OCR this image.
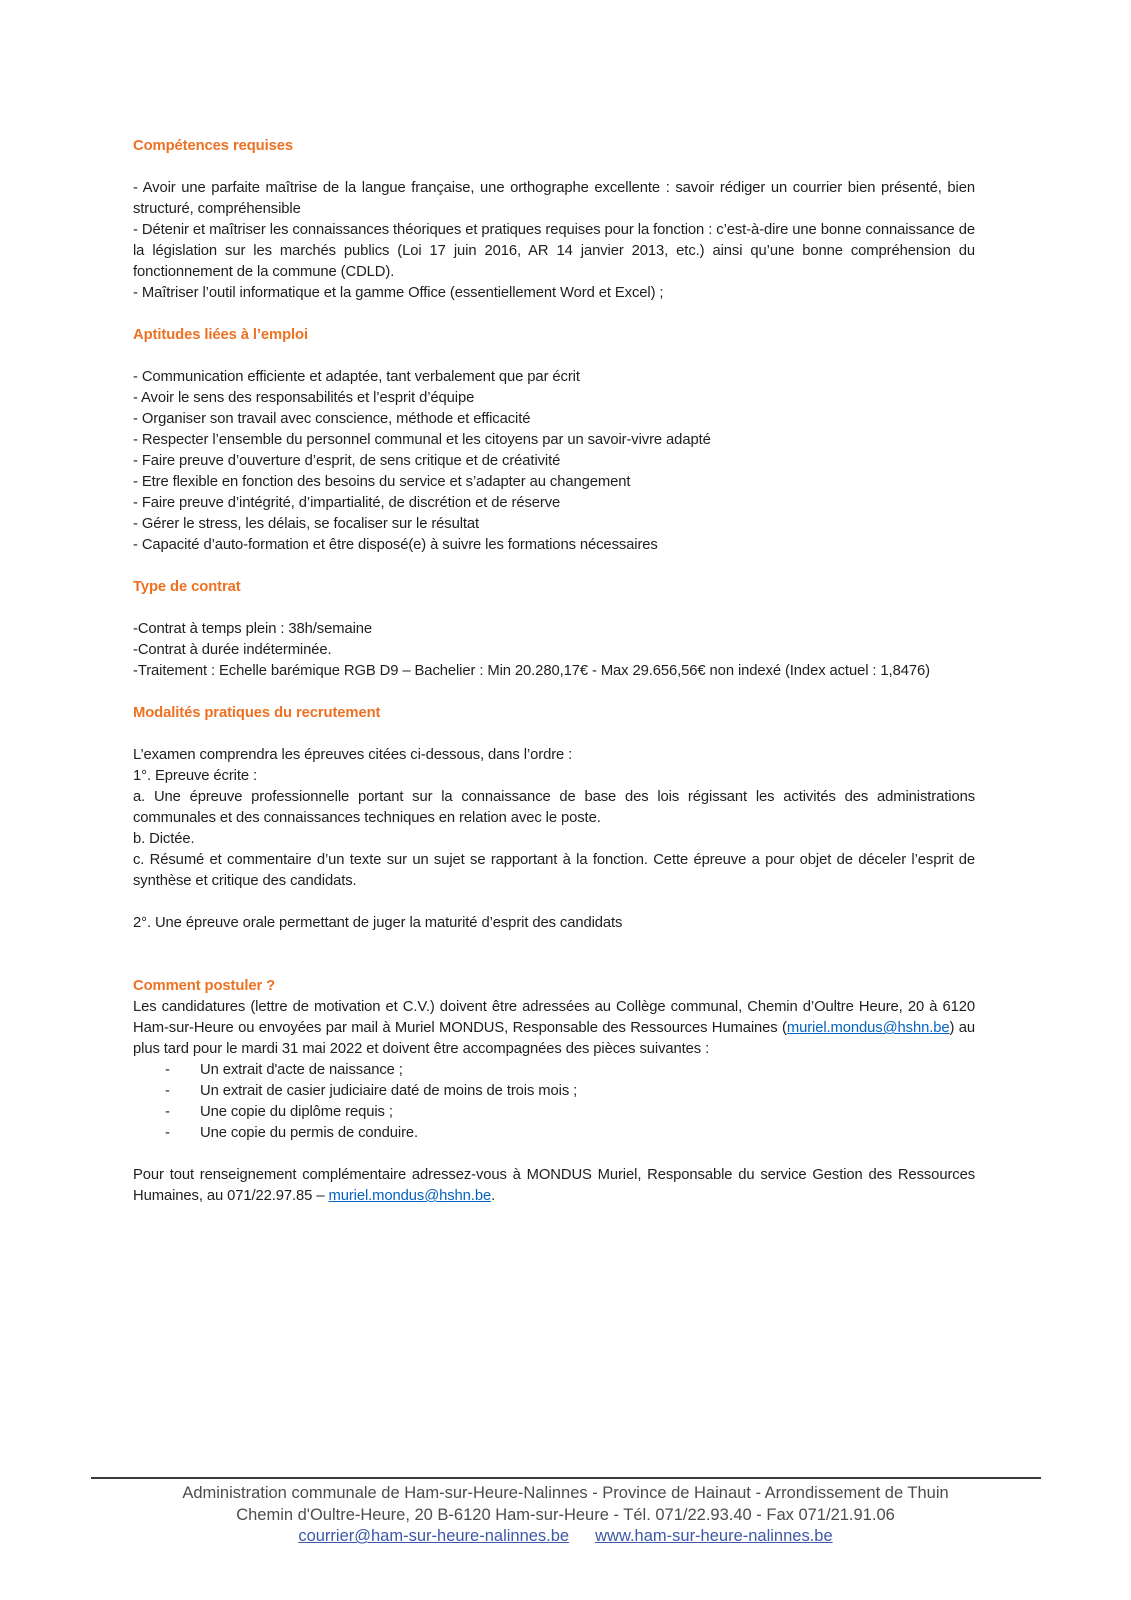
Compétences requises

- Avoir une parfaite maîtrise de la langue française, une orthographe excellente : savoir rédiger un courrier bien présenté, bien structuré, compréhensible

- Détenir et maîtriser les connaissances théoriques et pratiques requises pour la fonction : c’est-à-dire une bonne connaissance de la législation sur les marchés publics (Loi 17 juin 2016, AR 14 janvier 2013, etc.) ainsi qu’une bonne compréhension du fonctionnement de la commune (CDLD).

- Maîtriser l’outil informatique et la gamme Office (essentiellement Word et Excel) ;

Aptitudes liées à l’emploi

- Communication efficiente et adaptée, tant verbalement que par écrit

- Avoir le sens des responsabilités et l’esprit d’équipe

- Organiser son travail avec conscience, méthode et efficacité

- Respecter l’ensemble du personnel communal et les citoyens par un savoir-vivre adapté

- Faire preuve d’ouverture d’esprit, de sens critique et de créativité

- Etre flexible en fonction des besoins du service et s’adapter au changement

- Faire preuve d’intégrité, d’impartialité, de discrétion et de réserve

- Gérer le stress, les délais, se focaliser sur le résultat

- Capacité d’auto-formation et être disposé(e) à suivre les formations nécessaires

Type de contrat

-Contrat à temps plein : 38h/semaine

-Contrat à durée indéterminée.

-Traitement : Echelle barémique RGB D9 – Bachelier : Min 20.280,17€ - Max 29.656,56€ non indexé (Index actuel : 1,8476)

Modalités pratiques du recrutement

L’examen comprendra les épreuves citées ci-dessous, dans l’ordre :

1°. Epreuve écrite :

a. Une épreuve professionnelle portant sur la connaissance de base des lois régissant les activités des administrations communales et des connaissances techniques en relation avec le poste.

b. Dictée.

c. Résumé et commentaire d’un texte sur un sujet se rapportant à la fonction. Cette épreuve a pour objet de déceler l’esprit de synthèse et critique des candidats.

2°. Une épreuve orale permettant de juger la maturité d’esprit des candidats

Comment postuler ?

Les candidatures (lettre de motivation et C.V.) doivent être adressées au Collège communal, Chemin d’Oultre Heure, 20 à 6120 Ham-sur-Heure ou envoyées par mail à Muriel MONDUS, Responsable des Ressources Humaines (muriel.mondus@hshn.be) au plus tard pour le mardi 31 mai 2022 et doivent être accompagnées des pièces suivantes :

-	Un extrait d'acte de naissance ;
-	Un extrait de casier judiciaire daté de moins de trois mois ;
-	Une copie du diplôme requis ;
-	Une copie du permis de conduire.

Pour tout renseignement complémentaire adressez-vous à MONDUS Muriel, Responsable du service Gestion des Ressources Humaines, au 071/22.97.85 – muriel.mondus@hshn.be.

Administration communale de Ham-sur-Heure-Nalinnes - Province de Hainaut - Arrondissement de Thuin
Chemin d'Oultre-Heure, 20 B-6120 Ham-sur-Heure - Tél. 071/22.93.40 - Fax 071/21.91.06
courrier@ham-sur-heure-nalinnes.be www.ham-sur-heure-nalinnes.be
